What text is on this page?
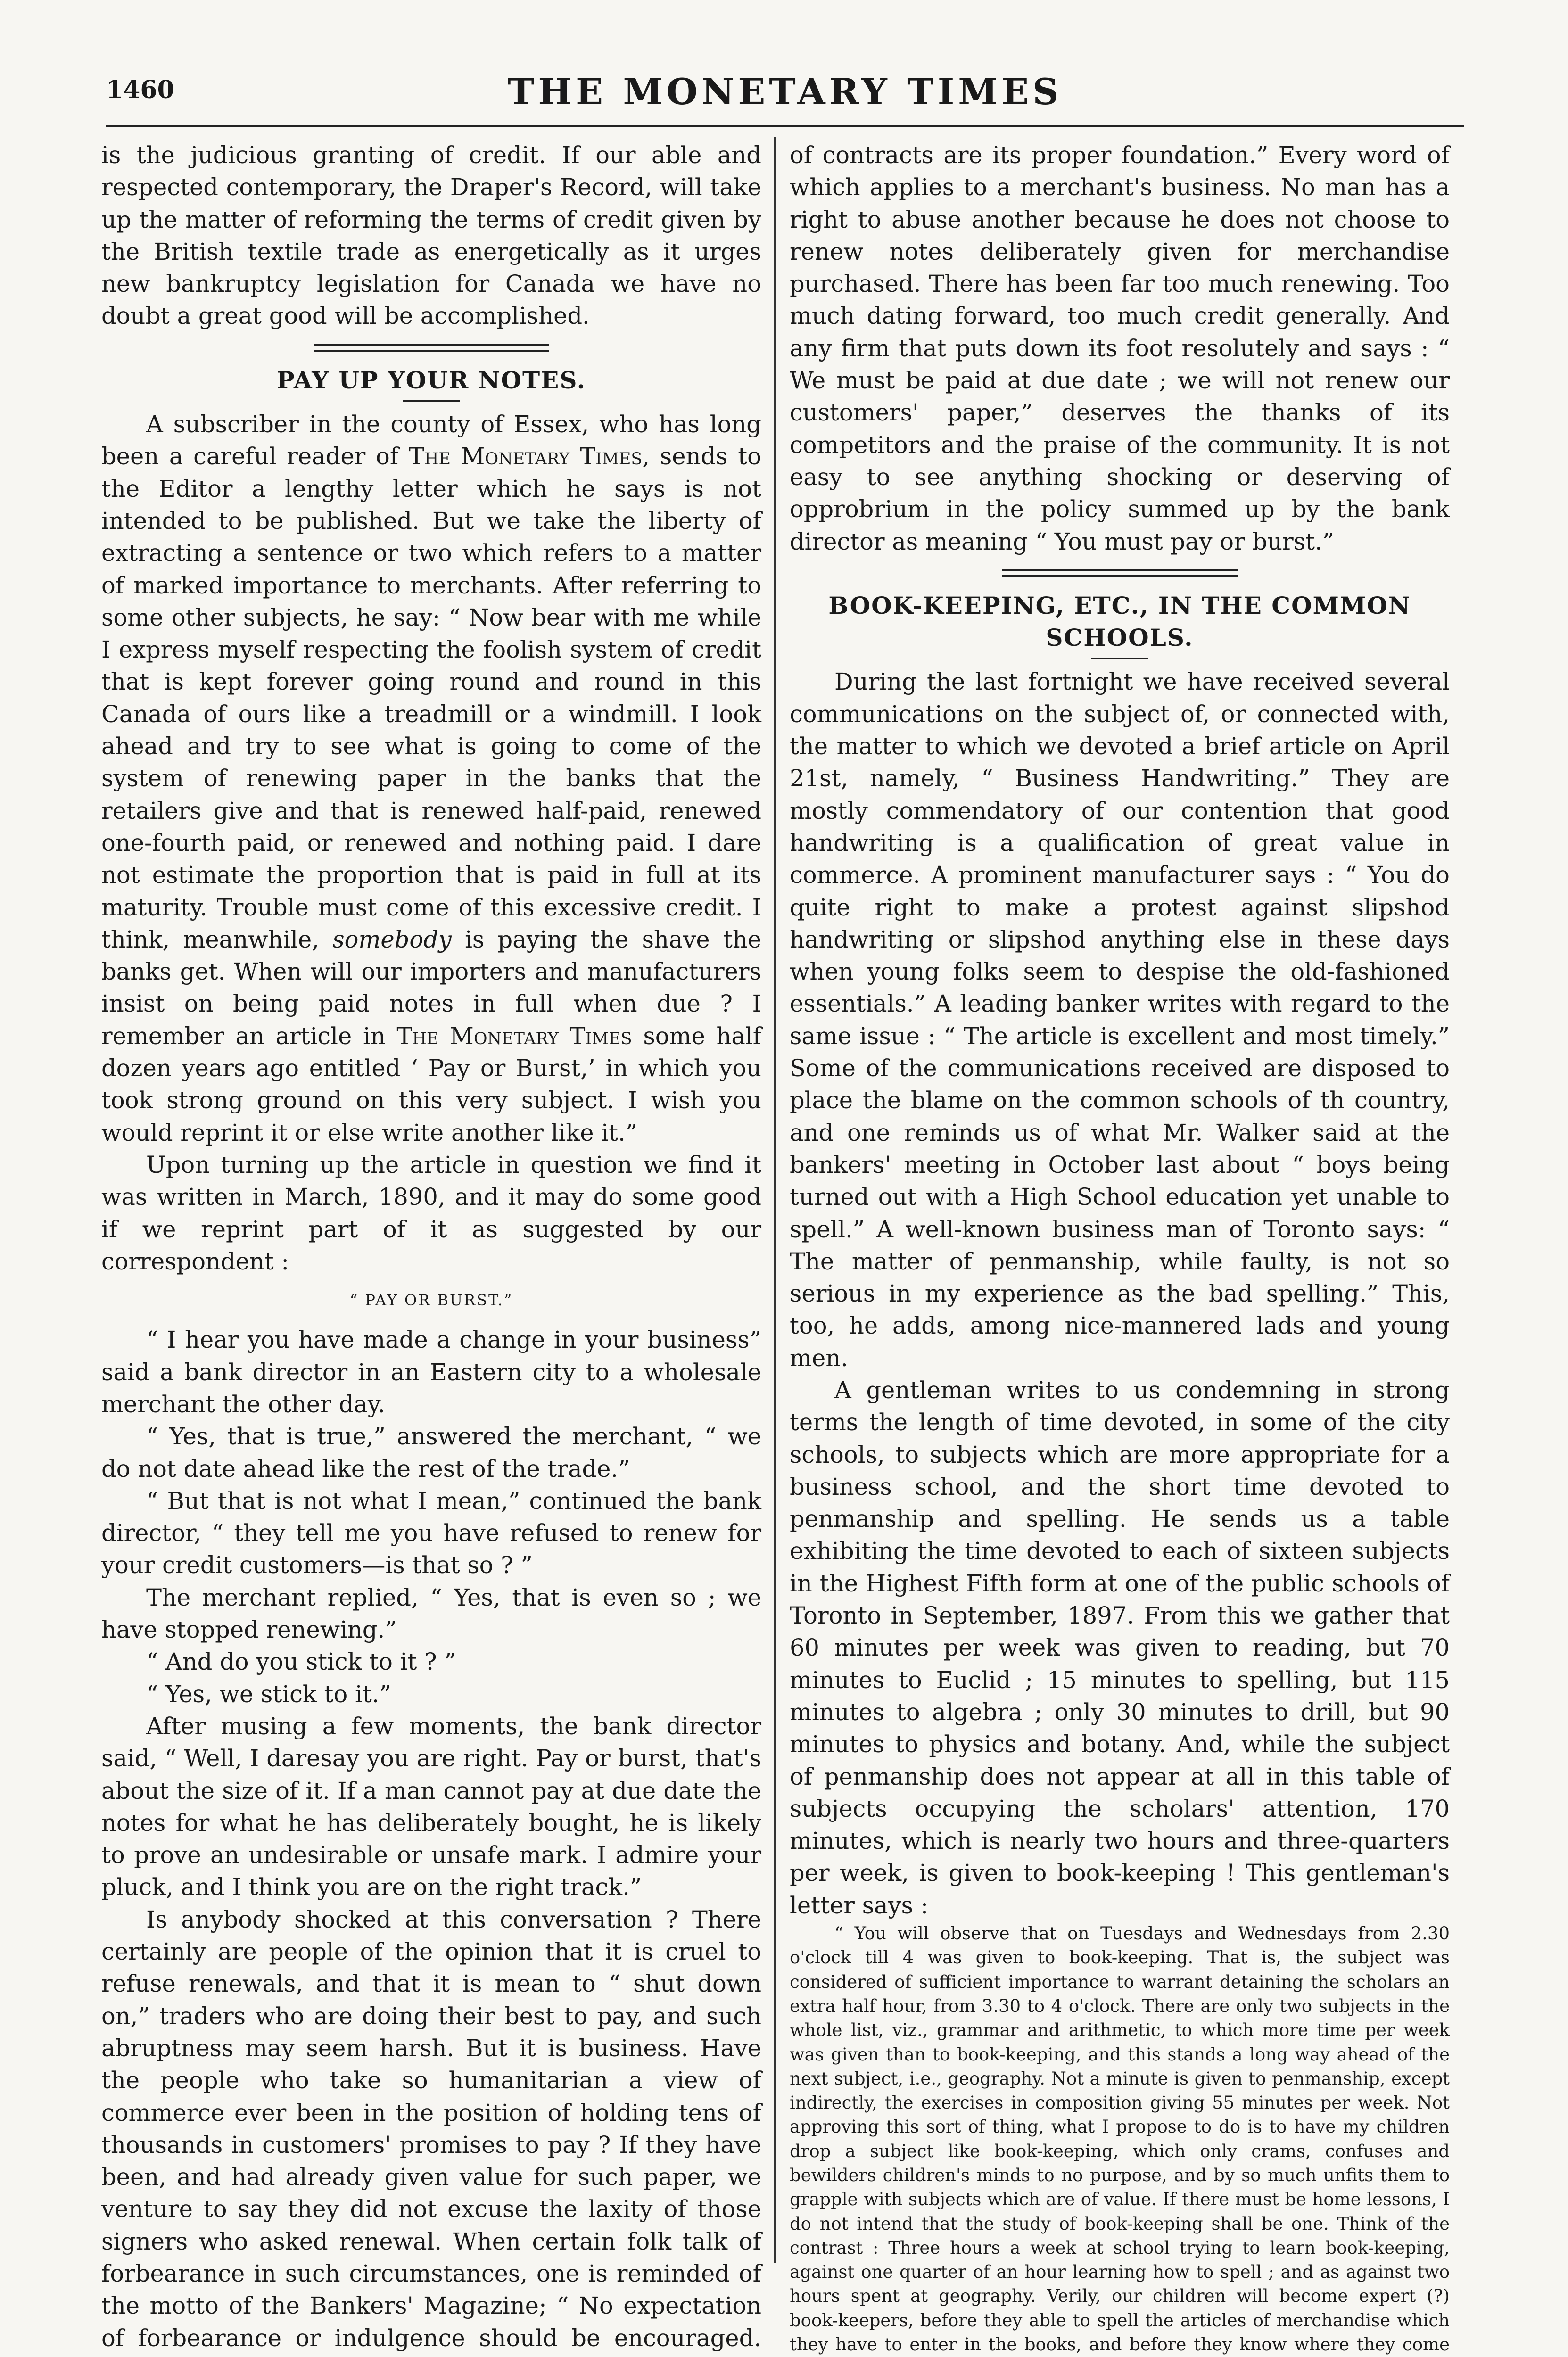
1460	THE MONETARY TIMES

is the judicious granting of credit. If our able and respected contemporary, the Draper's Record, will take up the matter of reforming the terms of credit given by the British textile trade as energetically as it urges new bankruptcy legislation for Canada we have no doubt a great good will be accomplished.

PAY UP YOUR NOTES.

A subscriber in the county of Essex, who has long been a careful reader of The Monetary Times, sends to the Editor a lengthy letter which he says is not intended to be published. But we take the liberty of extracting a sentence or two which refers to a matter of marked importance to merchants. After referring to some other subjects, he say: “ Now bear with me while I express myself respecting the foolish system of credit that is kept forever going round and round in this Canada of ours like a treadmill or a windmill. I look ahead and try to see what is going to come of the system of renewing paper in the banks that the retailers give and that is renewed half-paid, renewed one-fourth paid, or renewed and nothing paid. I dare not estimate the proportion that is paid in full at its maturity. Trouble must come of this excessive credit. I think, meanwhile, somebody is paying the shave the banks get. When will our importers and manufacturers insist on being paid notes in full when due ? I remember an article in The Monetary Times some half dozen years ago entitled ‘ Pay or Burst,’ in which you took strong ground on this very subject. I wish you would reprint it or else write another like it.”

Upon turning up the article in question we find it was written in March, 1890, and it may do some good if we reprint part of it as suggested by our correspondent :

“ PAY OR BURST.”

“ I hear you have made a change in your business” said a bank director in an Eastern city to a wholesale merchant the other day.

“ Yes, that is true,” answered the merchant, “ we do not date ahead like the rest of the trade.”

“ But that is not what I mean,” continued the bank director, “ they tell me you have refused to renew for your credit customers—is that so ? ”

The merchant replied, “ Yes, that is even so ; we have stopped renewing.”

“ And do you stick to it ? ”

“ Yes, we stick to it.”

After musing a few moments, the bank director said, “ Well, I daresay you are right. Pay or burst, that's about the size of it. If a man cannot pay at due date the notes for what he has deliberately bought, he is likely to prove an undesirable or unsafe mark. I admire your pluck, and I think you are on the right track.”

Is anybody shocked at this conversation ? There certainly are people of the opinion that it is cruel to refuse renewals, and that it is mean to “ shut down on,” traders who are doing their best to pay, and such abruptness may seem harsh. But it is business. Have the people who take so humanitarian a view of commerce ever been in the position of holding tens of thousands in customers' promises to pay ? If they have been, and had already given value for such paper, we venture to say they did not excuse the laxity of those signers who asked renewal. When certain folk talk of forbearance in such circumstances, one is reminded of the motto of the Bankers' Magazine; “ No expectation of forbearance or indulgence should be encouraged.

of contracts are its proper foundation.” Every word of which applies to a merchant's business. No man has a right to abuse another because he does not choose to renew notes deliberately given for merchandise purchased. There has been far too much renewing. Too much dating forward, too much credit generally. And any firm that puts down its foot resolutely and says : “ We must be paid at due date ; we will not renew our customers' paper,” deserves the thanks of its competitors and the praise of the community. It is not easy to see anything shocking or deserving of opprobrium in the policy summed up by the bank director as meaning “ You must pay or burst.”

BOOK-KEEPING, ETC., IN THE COMMON SCHOOLS.

During the last fortnight we have received several communications on the subject of, or connected with, the matter to which we devoted a brief article on April 21st, namely, “ Business Handwriting.” They are mostly commendatory of our contention that good handwriting is a qualification of great value in commerce. A prominent manufacturer says : “ You do quite right to make a protest against slipshod handwriting or slipshod anything else in these days when young folks seem to despise the old-fashioned essentials.” A leading banker writes with regard to the same issue : “ The article is excellent and most timely.” Some of the communications received are disposed to place the blame on the common schools of th country, and one reminds us of what Mr. Walker said at the bankers' meeting in October last about “ boys being turned out with a High School education yet unable to spell.” A well-known business man of Toronto says: “ The matter of penmanship, while faulty, is not so serious in my experience as the bad spelling.” This, too, he adds, among nice-mannered lads and young men.

A gentleman writes to us condemning in strong terms the length of time devoted, in some of the city schools, to subjects which are more appropriate for a business school, and the short time devoted to penmanship and spelling. He sends us a table exhibiting the time devoted to each of sixteen subjects in the Highest Fifth form at one of the public schools of Toronto in September, 1897. From this we gather that 60 minutes per week was given to reading, but 70 minutes to Euclid ; 15 minutes to spelling, but 115 minutes to algebra ; only 30 minutes to drill, but 90 minutes to physics and botany. And, while the subject of penmanship does not appear at all in this table of subjects occupying the scholars' attention, 170 minutes, which is nearly two hours and three-quarters per week, is given to book-keeping ! This gentleman's letter says :

“ You will observe that on Tuesdays and Wednesdays from 2.30 o'clock till 4 was given to book-keeping. That is, the subject was considered of sufficient importance to warrant detaining the scholars an extra half hour, from 3.30 to 4 o'clock. There are only two subjects in the whole list, viz., grammar and arithmetic, to which more time per week was given than to book-keeping, and this stands a long way ahead of the next subject, i.e., geography. Not a minute is given to penmanship, except indirectly, the exercises in composition giving 55 minutes per week. Not approving this sort of thing, what I propose to do is to have my children drop a subject like book-keeping, which only crams, confuses and bewilders children's minds to no purpose, and by so much unfits them to grapple with subjects which are of value. If there must be home lessons, I do not intend that the study of book-keeping shall be one. Think of the contrast : Three hours a week at school trying to learn book-keeping, against one quarter of an hour learning how to spell ; and as against two hours spent at geography. Verily, our children will become expert (?) book-keepers, before they able to spell the articles of merchandise which they have to enter in the books, and before they know where they come
